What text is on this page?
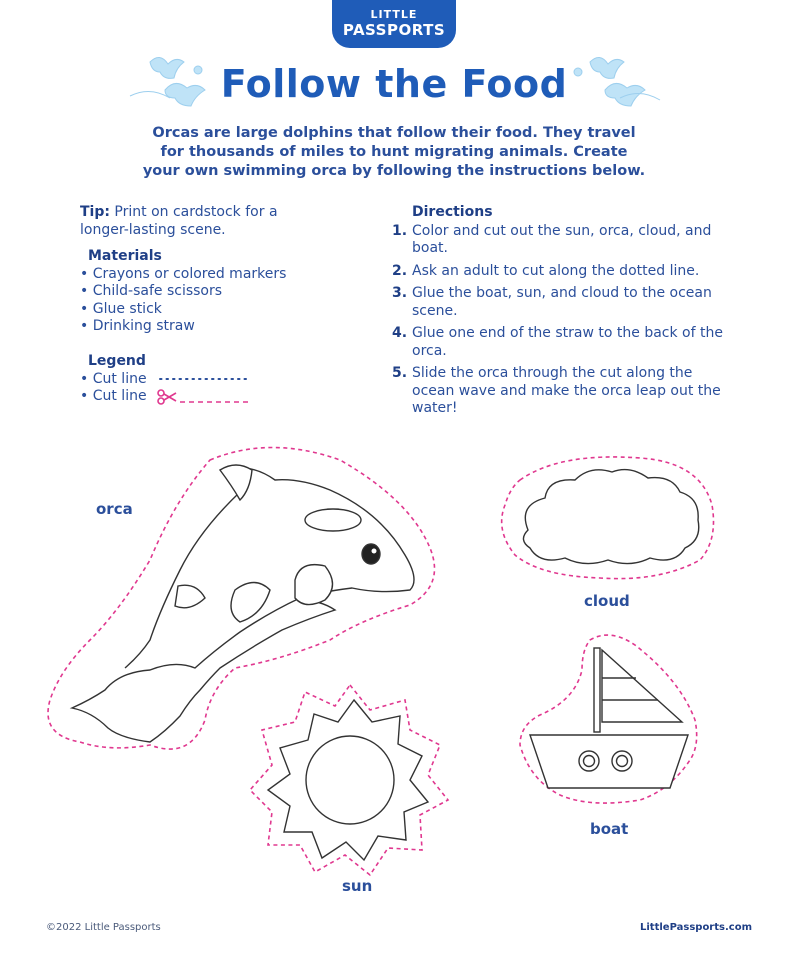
LITTLE
PASSPORTS
Follow the Food
Orcas are large dolphins that follow their food. They travel for thousands of miles to hunt migrating animals. Create your own swimming orca by following the instructions below.
Tip: Print on cardstock for a longer-lasting scene.
Materials
• Crayons or colored markers
• Child-safe scissors
• Glue stick
• Drinking straw
Legend
• Cut line
• Cut line
Directions
1. Color and cut out the sun, orca, cloud, and boat.
2. Ask an adult to cut along the dotted line.
3. Glue the boat, sun, and cloud to the ocean scene.
4. Glue one end of the straw to the back of the orca.
5. Slide the orca through the cut along the ocean wave and make the orca leap out the water!
orca
cloud
boat
sun
©2022 Little Passports	LittlePassports.com
